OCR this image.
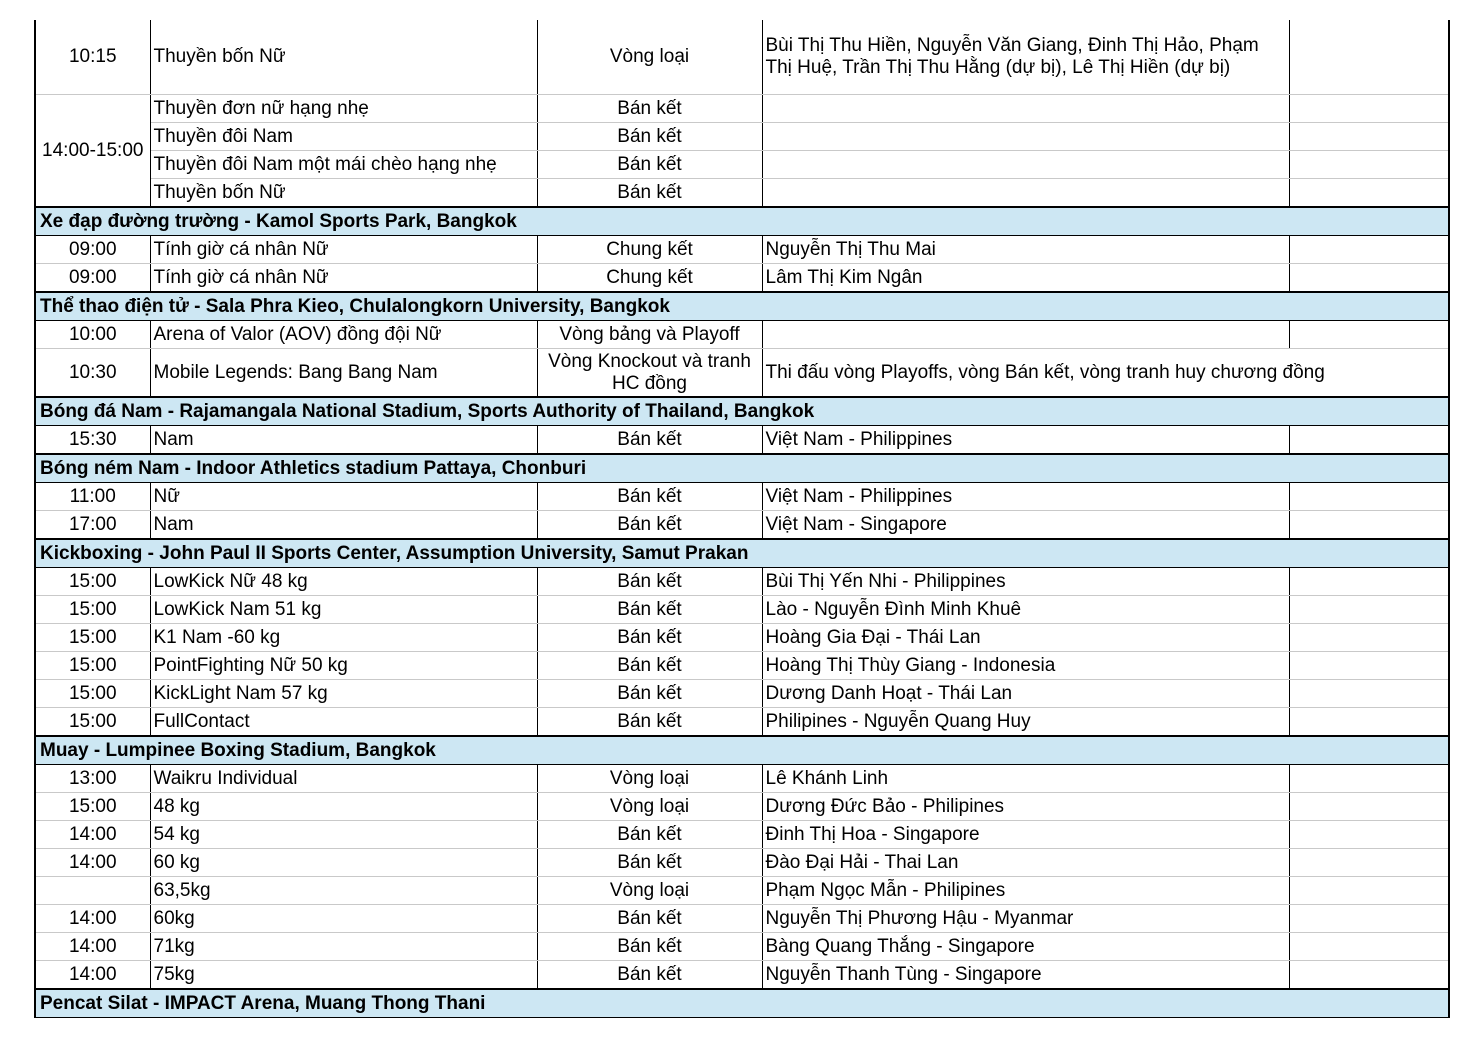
10:15	Thuyền bốn Nữ	Vòng loại	Bùi Thị Thu Hiền, Nguyễn Văn Giang, Đinh Thị Hảo, Phạm Thị Huệ, Trần Thị Thu Hằng (dự bị), Lê Thị Hiền (dự bị)	
14:00-15:00	Thuyền đơn nữ hạng nhẹ	Bán kết		
	Thuyền đôi Nam	Bán kết		
	Thuyền đôi Nam một mái chèo hạng nhẹ	Bán kết		
	Thuyền bốn Nữ	Bán kết		
Xe đạp đường trường - Kamol Sports Park, Bangkok				
09:00	Tính giờ cá nhân Nữ	Chung kết	Nguyễn Thị Thu Mai	
09:00	Tính giờ cá nhân Nữ	Chung kết	Lâm Thị Kim Ngân	
Thể thao điện tử - Sala Phra Kieo, Chulalongkorn University, Bangkok				
10:00	Arena of Valor (AOV) đồng đội Nữ	Vòng bảng và Playoff		
10:30	Mobile Legends: Bang Bang Nam	Vòng Knockout và tranh HC đồng	Thi đấu vòng Playoffs, vòng Bán kết, vòng tranh huy chương đồng	
Bóng đá Nam - Rajamangala National Stadium, Sports Authority of Thailand, Bangkok				
15:30	Nam	Bán kết	Việt Nam - Philippines	
Bóng ném Nam - Indoor Athletics stadium Pattaya, Chonburi				
11:00	Nữ	Bán kết	Việt Nam - Philippines	
17:00	Nam	Bán kết	Việt Nam - Singapore	
Kickboxing - John Paul II Sports Center, Assumption University, Samut Prakan				
15:00	LowKick Nữ 48 kg	Bán kết	Bùi Thị Yến Nhi - Philippines	
15:00	LowKick Nam 51 kg	Bán kết	Lào - Nguyễn Đình Minh Khuê	
15:00	K1 Nam -60 kg	Bán kết	Hoàng Gia Đại - Thái Lan	
15:00	PointFighting Nữ 50 kg	Bán kết	Hoàng Thị Thùy Giang - Indonesia	
15:00	KickLight Nam 57 kg	Bán kết	Dương Danh Hoạt - Thái Lan	
15:00	FullContact	Bán kết	Philipines - Nguyễn Quang Huy	
Muay - Lumpinee Boxing Stadium, Bangkok				
13:00	Waikru Individual	Vòng loại	Lê Khánh Linh	
15:00	48 kg	Vòng loại	Dương Đức Bảo - Philipines	
14:00	54 kg	Bán kết	Đinh Thị Hoa - Singapore	
14:00	60 kg	Bán kết	Đào Đại Hải - Thai Lan	
	63,5kg	Vòng loại	Phạm Ngọc Mẫn - Philipines	
14:00	60kg	Bán kết	Nguyễn Thị Phương Hậu - Myanmar	
14:00	71kg	Bán kết	Bàng Quang Thắng - Singapore	
14:00	75kg	Bán kết	Nguyễn Thanh Tùng - Singapore	
Pencat Silat - IMPACT Arena, Muang Thong Thani				
